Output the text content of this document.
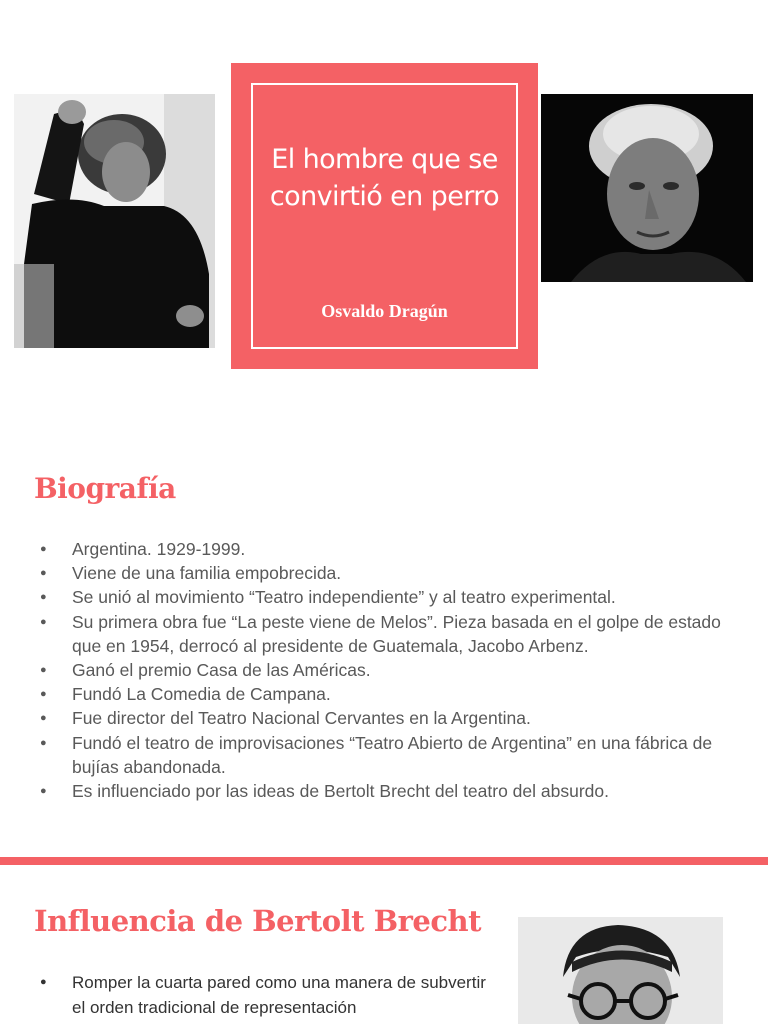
El hombre que se convirtió en perro
Osvaldo Dragún
Biografía
● Argentina. 1929-1999.
● Viene de una familia empobrecida.
● Se unió al movimiento “Teatro independiente” y al teatro experimental.
● Su primera obra fue “La peste viene de Melos”. Pieza basada en el golpe de estado que en 1954, derrocó al presidente de Guatemala, Jacobo Arbenz.
● Ganó el premio Casa de las Américas.
● Fundó La Comedia de Campana.
● Fue director del Teatro Nacional Cervantes en la Argentina.
● Fundó el teatro de improvisaciones “Teatro Abierto de Argentina” en una fábrica de bujías abandonada.
● Es influenciado por las ideas de Bertolt Brecht del teatro del absurdo.
Influencia de Bertolt Brecht
● Romper la cuarta pared como una manera de subvertir el orden tradicional de representación
